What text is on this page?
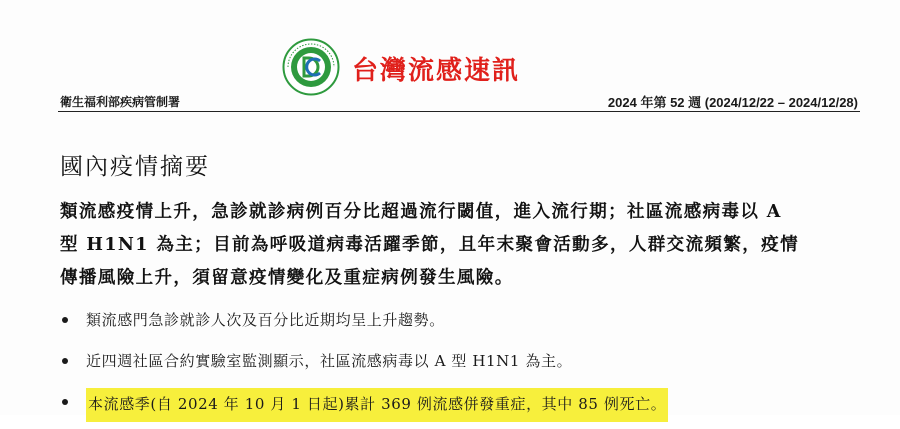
台灣流感速訊
衛生福利部疾病管制署	2024 年第 52 週 (2024/12/22 – 2024/12/28)
國內疫情摘要
類流感疫情上升，急診就診病例百分比超過流行閾值，進入流行期；社區流感病毒以 A
型 H1N1 為主；目前為呼吸道病毒活躍季節，且年末聚會活動多，人群交流頻繁，疫情
傳播風險上升，須留意疫情變化及重症病例發生風險。
類流感門急診就診人次及百分比近期均呈上升趨勢。
近四週社區合約實驗室監測顯示，社區流感病毒以 A 型 H1N1 為主。
本流感季(自 2024 年 10 月 1 日起)累計 369 例流感併發重症，其中 85 例死亡。
